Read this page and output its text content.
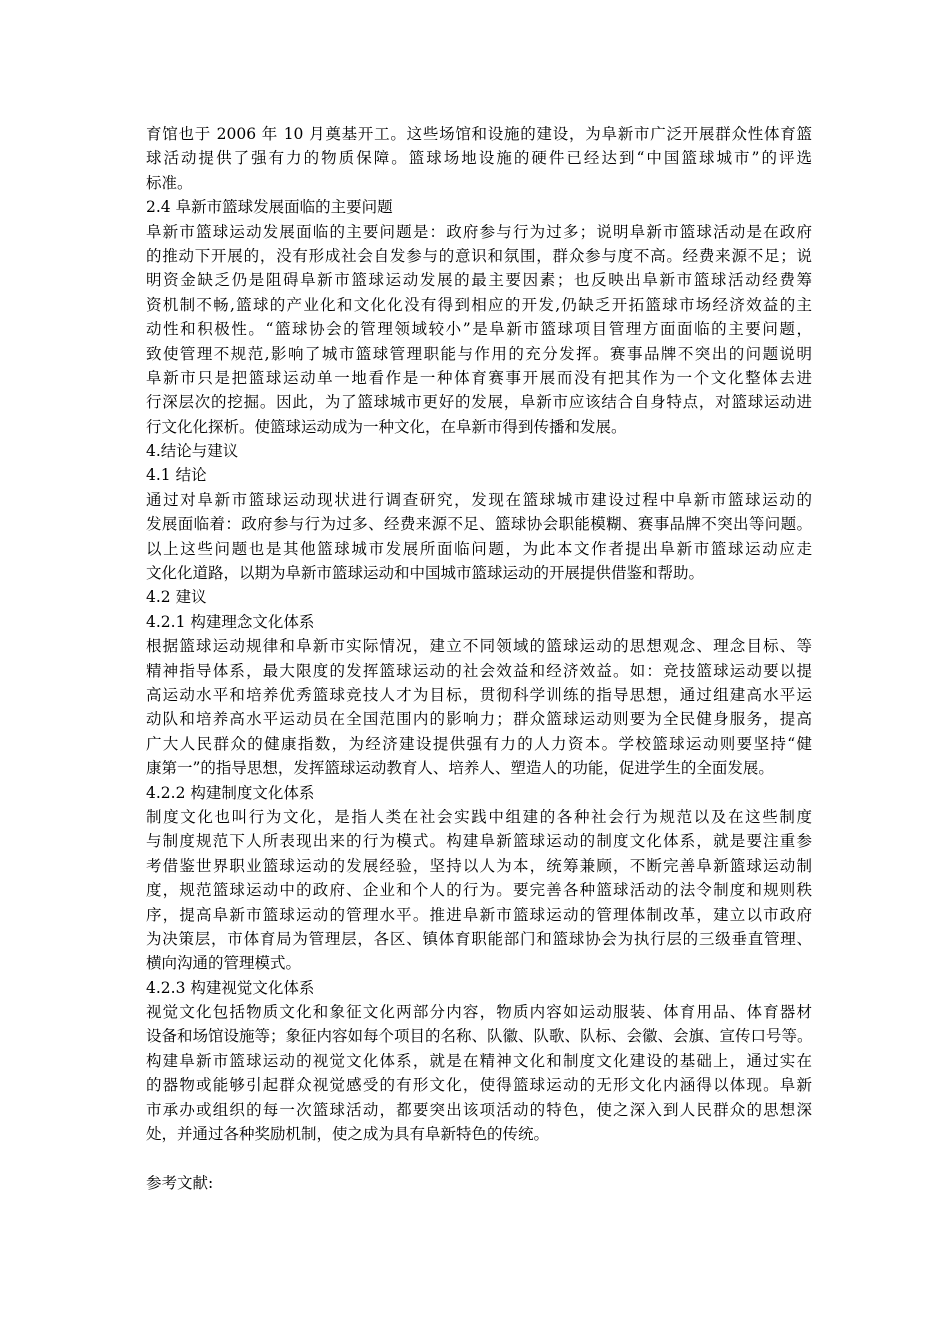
育馆也于 2006 年 10 月奠基开工。这些场馆和设施的建设，为阜新市广泛开展群众性体育篮
球活动提供了强有力的物质保障。篮球场地设施的硬件已经达到“中国篮球城市”的评选
标准。
2.4 阜新市篮球发展面临的主要问题
阜新市篮球运动发展面临的主要问题是：政府参与行为过多；说明阜新市篮球活动是在政府
的推动下开展的，没有形成社会自发参与的意识和氛围，群众参与度不高。经费来源不足；说
明资金缺乏仍是阻碍阜新市篮球运动发展的最主要因素；也反映出阜新市篮球活动经费筹
资机制不畅,篮球的产业化和文化化没有得到相应的开发,仍缺乏开拓篮球市场经济效益的主
动性和积极性。“篮球协会的管理领域较小”是阜新市篮球项目管理方面面临的主要问题，
致使管理不规范,影响了城市篮球管理职能与作用的充分发挥。赛事品牌不突出的问题说明
阜新市只是把篮球运动单一地看作是一种体育赛事开展而没有把其作为一个文化整体去进
行深层次的挖掘。因此，为了篮球城市更好的发展，阜新市应该结合自身特点，对篮球运动进
行文化化探析。使篮球运动成为一种文化，在阜新市得到传播和发展。
4.结论与建议
4.1 结论
通过对阜新市篮球运动现状进行调查研究，发现在篮球城市建设过程中阜新市篮球运动的
发展面临着：政府参与行为过多、经费来源不足、篮球协会职能模糊、赛事品牌不突出等问题。
以上这些问题也是其他篮球城市发展所面临问题，为此本文作者提出阜新市篮球运动应走
文化化道路，以期为阜新市篮球运动和中国城市篮球运动的开展提供借鉴和帮助。
4.2 建议
4.2.1 构建理念文化体系
根据篮球运动规律和阜新市实际情况，建立不同领域的篮球运动的思想观念、理念目标、等
精神指导体系，最大限度的发挥篮球运动的社会效益和经济效益。如：竞技篮球运动要以提
高运动水平和培养优秀篮球竞技人才为目标，贯彻科学训练的指导思想，通过组建高水平运
动队和培养高水平运动员在全国范围内的影响力；群众篮球运动则要为全民健身服务，提高
广大人民群众的健康指数，为经济建设提供强有力的人力资本。学校篮球运动则要坚持“健
康第一”的指导思想，发挥篮球运动教育人、培养人、塑造人的功能，促进学生的全面发展。
4.2.2 构建制度文化体系
制度文化也叫行为文化，是指人类在社会实践中组建的各种社会行为规范以及在这些制度
与制度规范下人所表现出来的行为模式。构建阜新篮球运动的制度文化体系，就是要注重参
考借鉴世界职业篮球运动的发展经验，坚持以人为本，统筹兼顾，不断完善阜新篮球运动制
度，规范篮球运动中的政府、企业和个人的行为。要完善各种篮球活动的法令制度和规则秩
序，提高阜新市篮球运动的管理水平。推进阜新市篮球运动的管理体制改革，建立以市政府
为决策层，市体育局为管理层，各区、镇体育职能部门和篮球协会为执行层的三级垂直管理、
横向沟通的管理模式。
4.2.3 构建视觉文化体系
视觉文化包括物质文化和象征文化两部分内容，物质内容如运动服装、体育用品、体育器材
设备和场馆设施等；象征内容如每个项目的名称、队徽、队歌、队标、会徽、会旗、宣传口号等。
构建阜新市篮球运动的视觉文化体系，就是在精神文化和制度文化建设的基础上，通过实在
的器物或能够引起群众视觉感受的有形文化，使得篮球运动的无形文化内涵得以体现。阜新
市承办或组织的每一次篮球活动，都要突出该项活动的特色，使之深入到人民群众的思想深
处，并通过各种奖励机制，使之成为具有阜新特色的传统。
参考文献:
